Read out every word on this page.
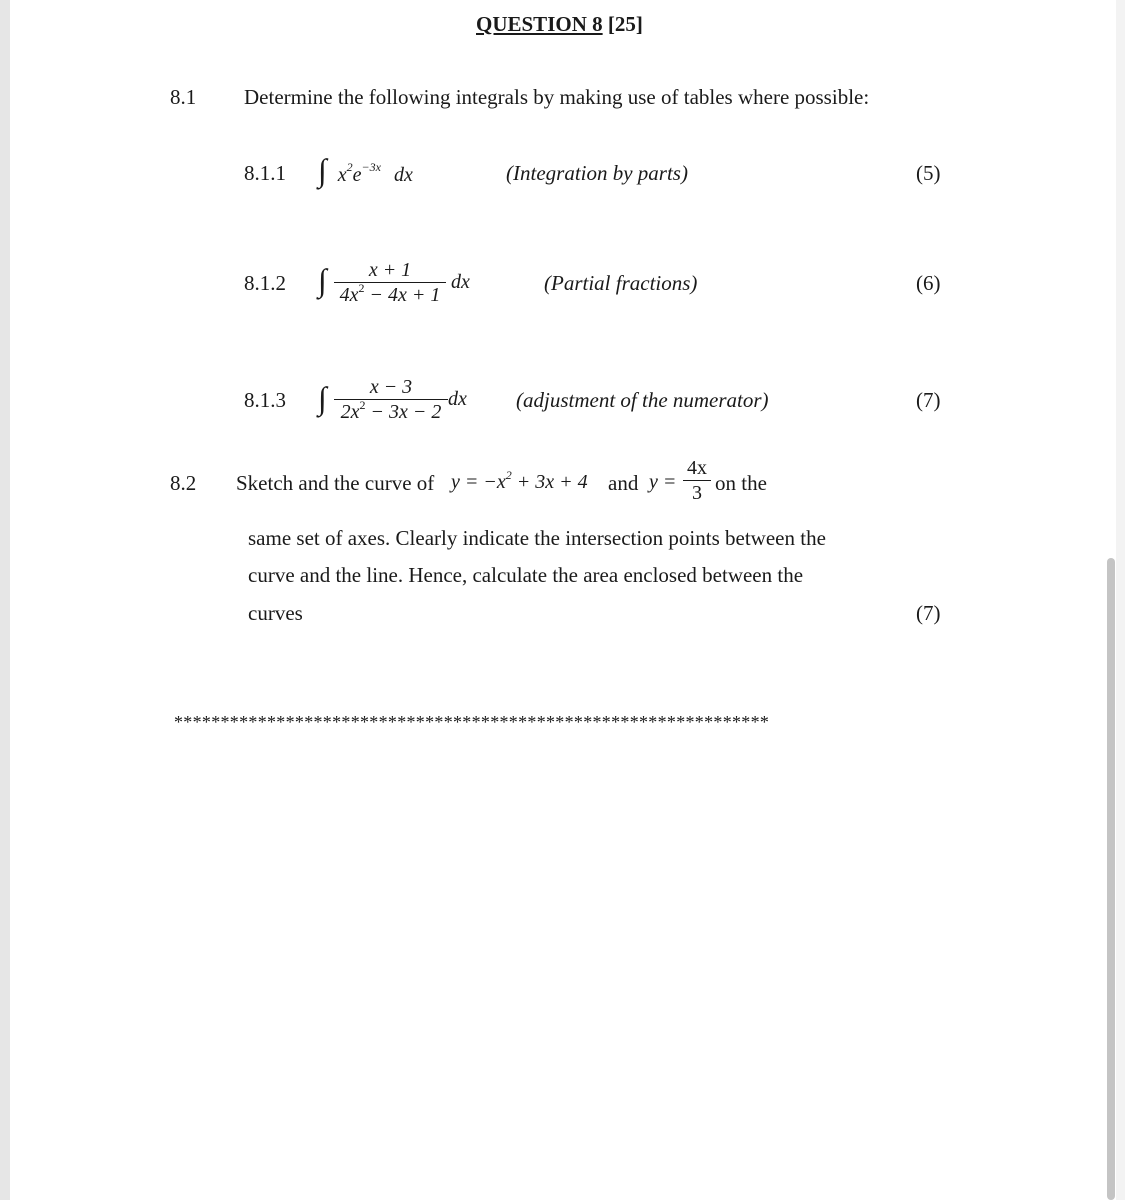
QUESTION 8 [25]
8.1 Determine the following integrals by making use of tables where possible:
8.1.1 ∫ $x^2e^{-3x}$ dx	(Integration by parts)	(5)
8.1.2 ∫	x + 1
$4x^2 - 4x + 1$
dx	(Partial fractions)	(6)
8.1.3 ∫	x − 3
$2x^2 - 3x - 2$
dx (adjustment of the numerator)	(7)
8.2 Sketch and the curve of $y = -x^2 + 3x + 4$ and y =
4x
3 on the
same set of axes. Clearly indicate the intersection points between the
curve and the line. Hence, calculate the area enclosed between the
curves	(7)
****************************************************************
